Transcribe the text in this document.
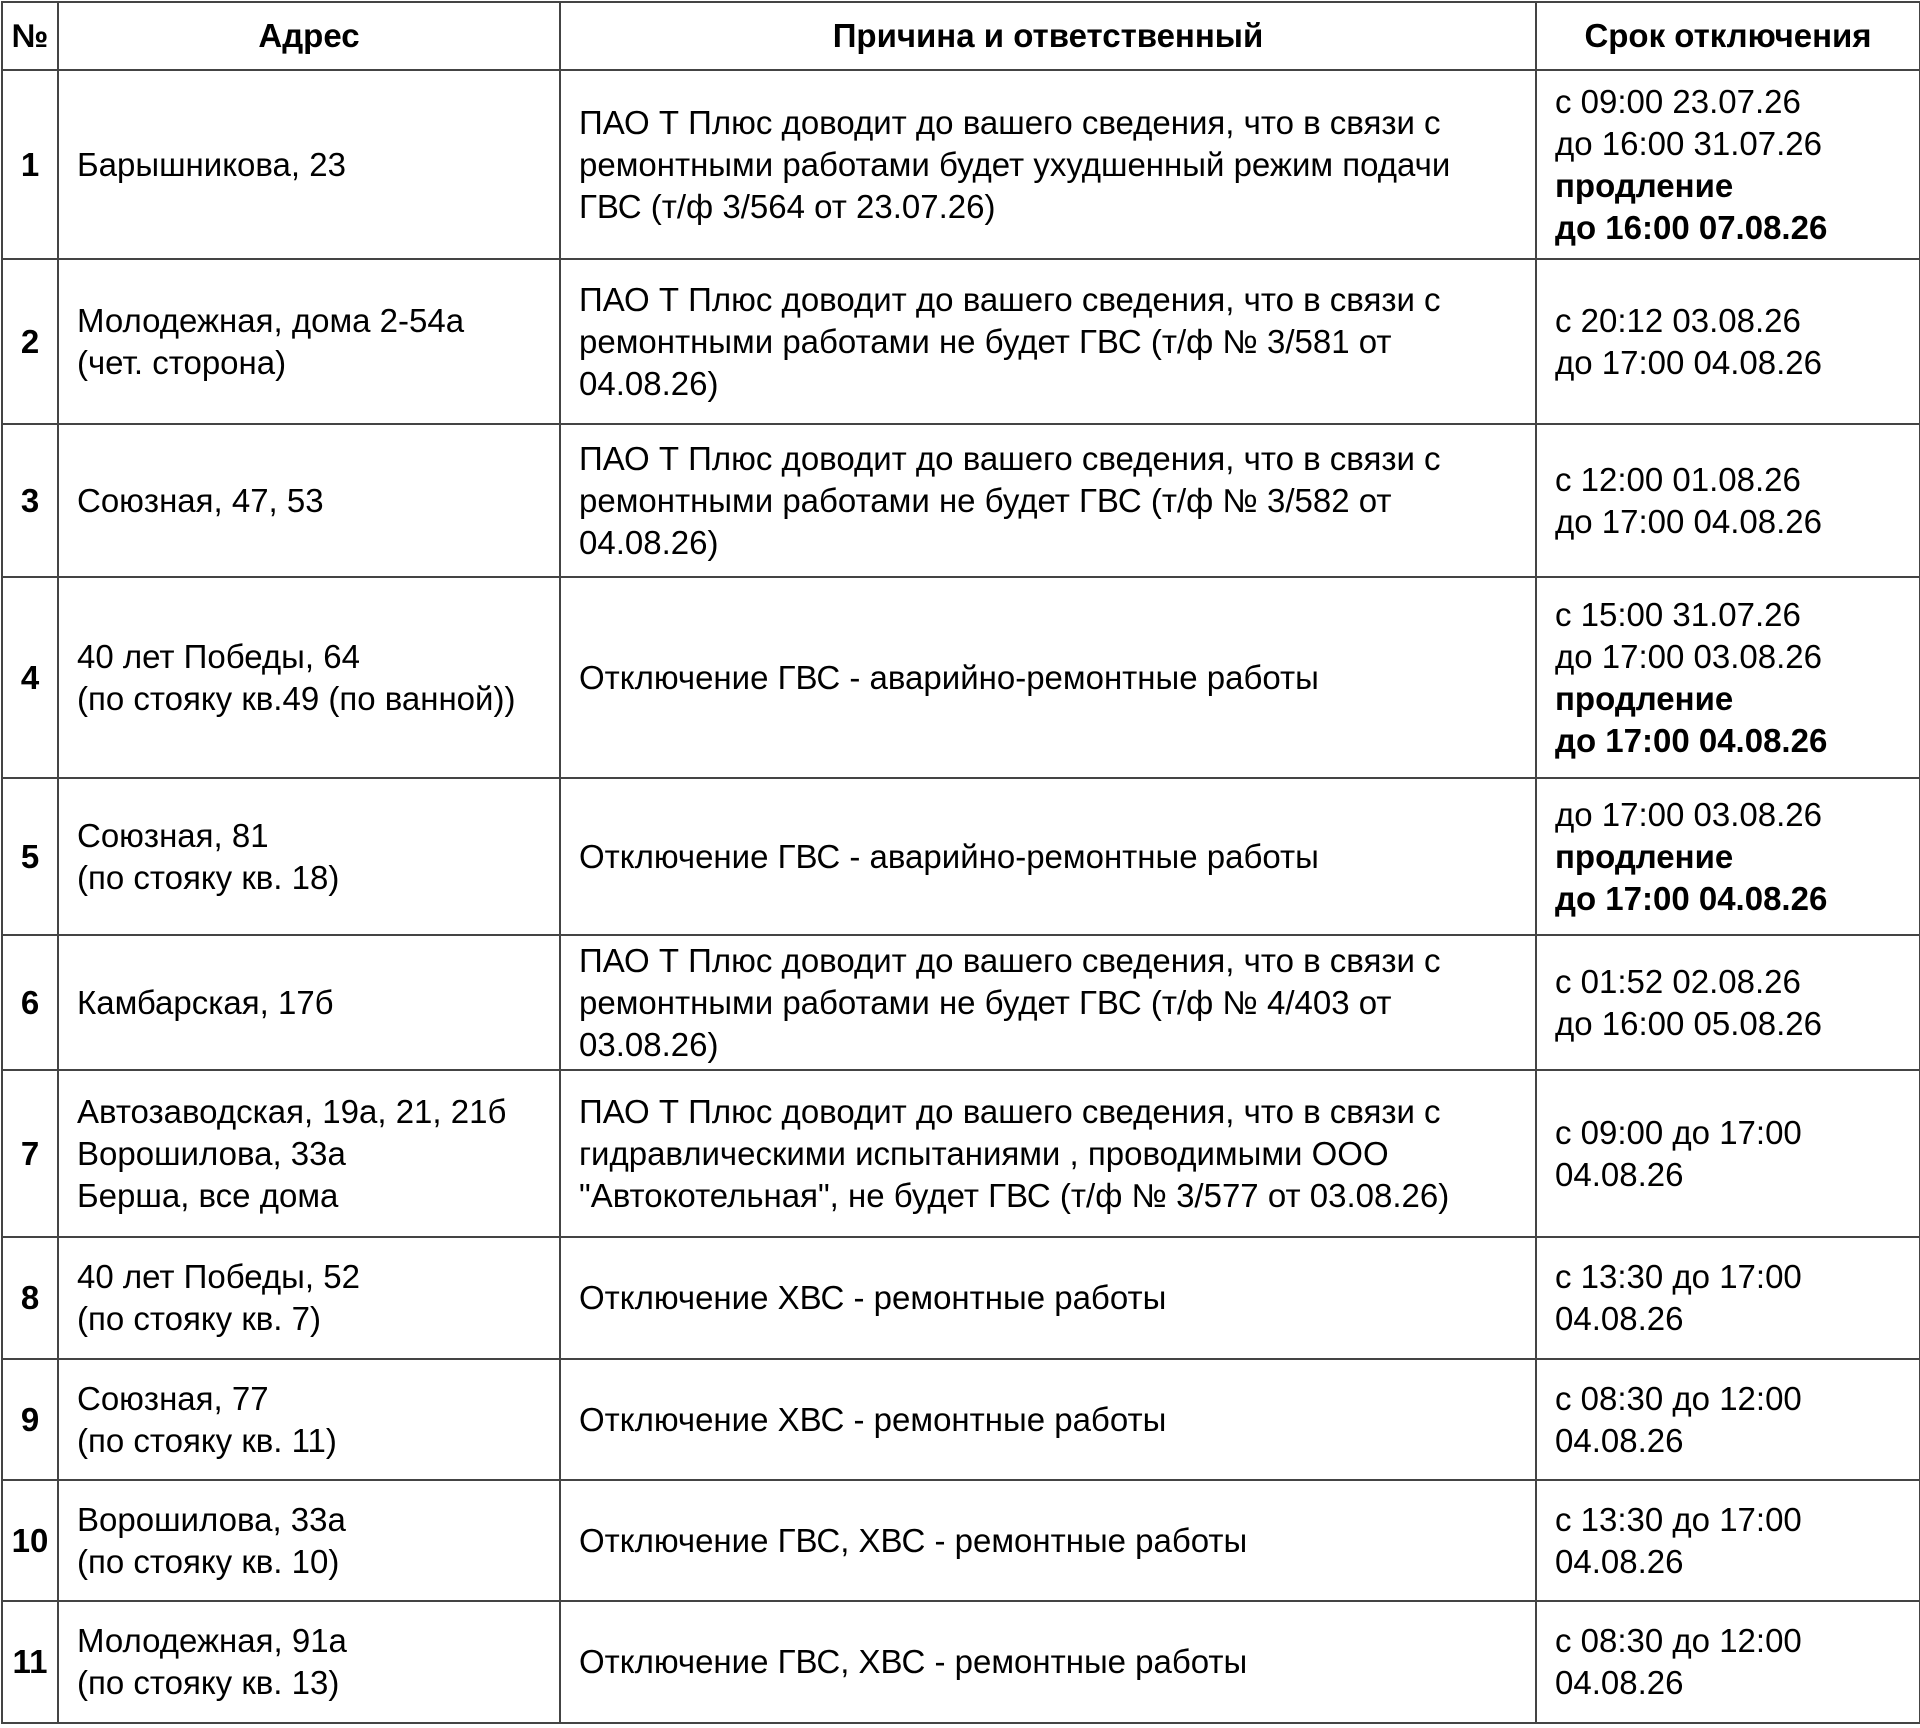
№	Адрес	Причина и ответственный	Срок отключения
1	Барышникова, 23	ПАО Т Плюс доводит до вашего сведения, что в связи с
ремонтными работами будет ухудшенный режим подачи
ГВС (т/ф 3/564 от 23.07.26)	с 09:00 23.07.26
до 16:00 31.07.26
продление
до 16:00 07.08.26

2	Молодежная, дома 2-54а
(чет. сторона)	ПАО Т Плюс доводит до вашего сведения, что в связи с
ремонтными работами не будет ГВС (т/ф № 3/581 от
04.08.26)	с 20:12 03.08.26
до 17:00 04.08.26

3	Союзная, 47, 53	ПАО Т Плюс доводит до вашего сведения, что в связи с
ремонтными работами не будет ГВС (т/ф № 3/582 от
04.08.26)	с 12:00 01.08.26
до 17:00 04.08.26

4	40 лет Победы, 64
(по стояку кв.49 (по ванной))	Отключение ГВС - аварийно-ремонтные работы	с 15:00 31.07.26
до 17:00 03.08.26
продление
до 17:00 04.08.26

5	Союзная, 81
(по стояку кв. 18)	Отключение ГВС - аварийно-ремонтные работы	до 17:00 03.08.26
продление
до 17:00 04.08.26

6	Камбарская, 17б	ПАО Т Плюс доводит до вашего сведения, что в связи с
ремонтными работами не будет ГВС (т/ф № 4/403 от
03.08.26)	с 01:52 02.08.26
до 16:00 05.08.26

7	Автозаводская, 19а, 21, 21б
Ворошилова, 33а
Берша, все дома	ПАО Т Плюс доводит до вашего сведения, что в связи с
гидравлическими испытаниями , проводимыми ООО
"Автокотельная", не будет ГВС (т/ф № 3/577 от 03.08.26)	с 09:00 до 17:00
04.08.26

8	40 лет Победы, 52
(по стояку кв. 7)	Отключение ХВС - ремонтные работы	с 13:30 до 17:00
04.08.26

9	Союзная, 77
(по стояку кв. 11)	Отключение ХВС - ремонтные работы	с 08:30 до 12:00
04.08.26

10	Ворошилова, 33а
(по стояку кв. 10)	Отключение ГВС, ХВС - ремонтные работы	с 13:30 до 17:00
04.08.26

11	Молодежная, 91а
(по стояку кв. 13)	Отключение ГВС, ХВС - ремонтные работы	с 08:30 до 12:00
04.08.26
